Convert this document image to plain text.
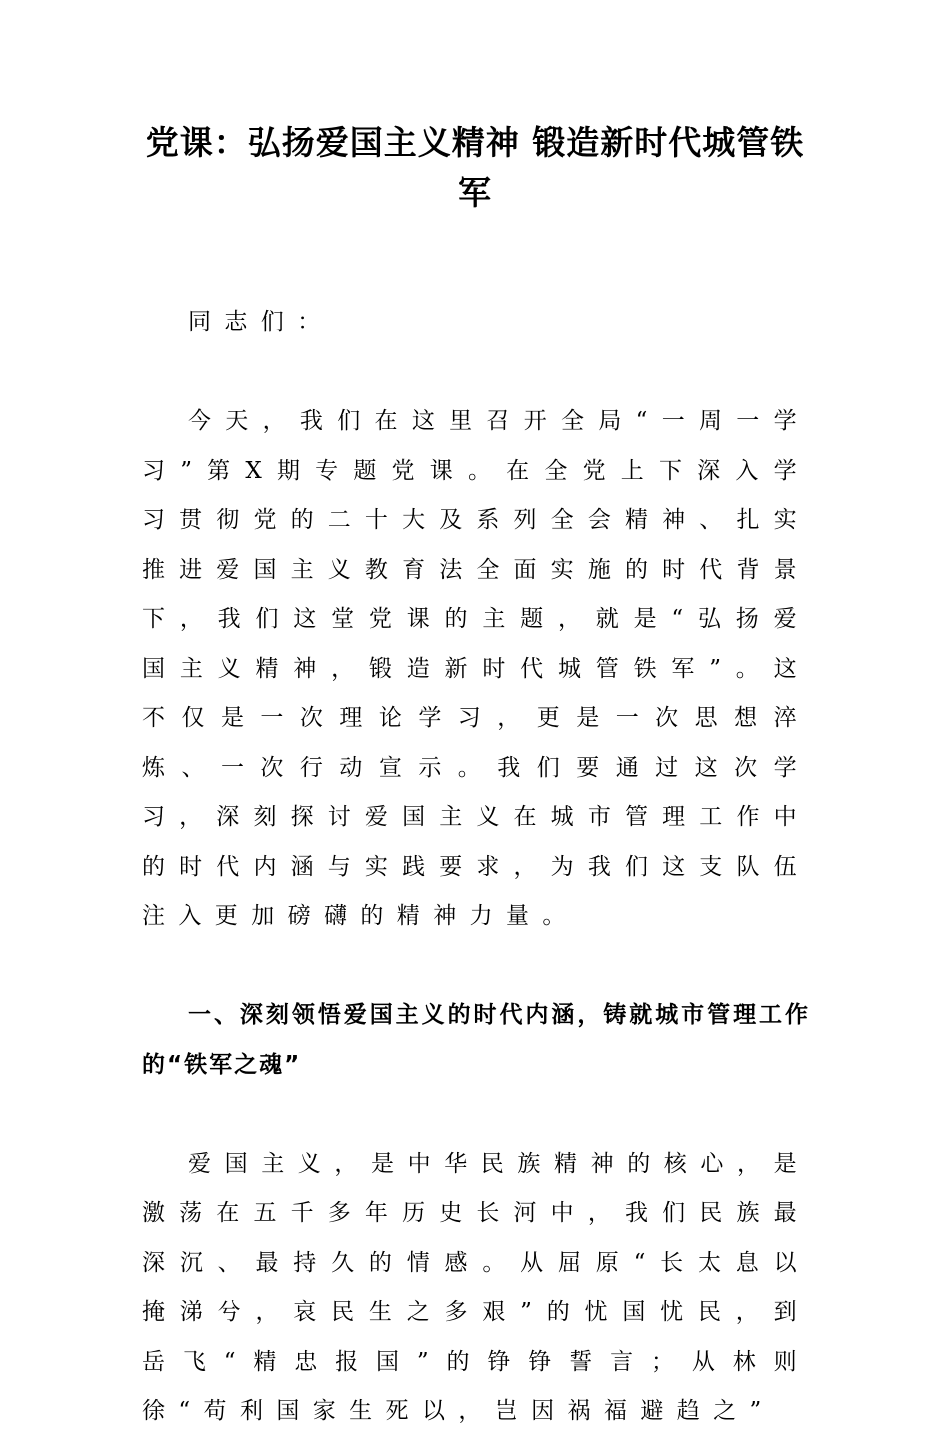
党课：弘扬爱国主义精神 锻造新时代城管铁军

同志们：

今天，我们在这里召开全局“一周一学习”第X期专题党课。在全党上下深入学习贯彻党的二十大及系列全会精神、扎实推进爱国主义教育法全面实施的时代背景下，我们这堂党课的主题，就是“弘扬爱国主义精神，锻造新时代城管铁军”。这不仅是一次理论学习，更是一次思想淬炼、一次行动宣示。我们要通过这次学习，深刻探讨爱国主义在城市管理工作中的时代内涵与实践要求，为我们这支队伍注入更加磅礴的精神力量。

一、深刻领悟爱国主义的时代内涵，铸就城市管理工作的“铁军之魂”

爱国主义，是中华民族精神的核心，是激荡在五千多年历史长河中，我们民族最深沉、最持久的情感。从屈原“长太息以掩涕兮，哀民生之多艰”的忧国忧民，到岳飞“精忠报国”的铮铮誓言；从林则徐“苟利国家生死以，岂因祸福避趋之”
